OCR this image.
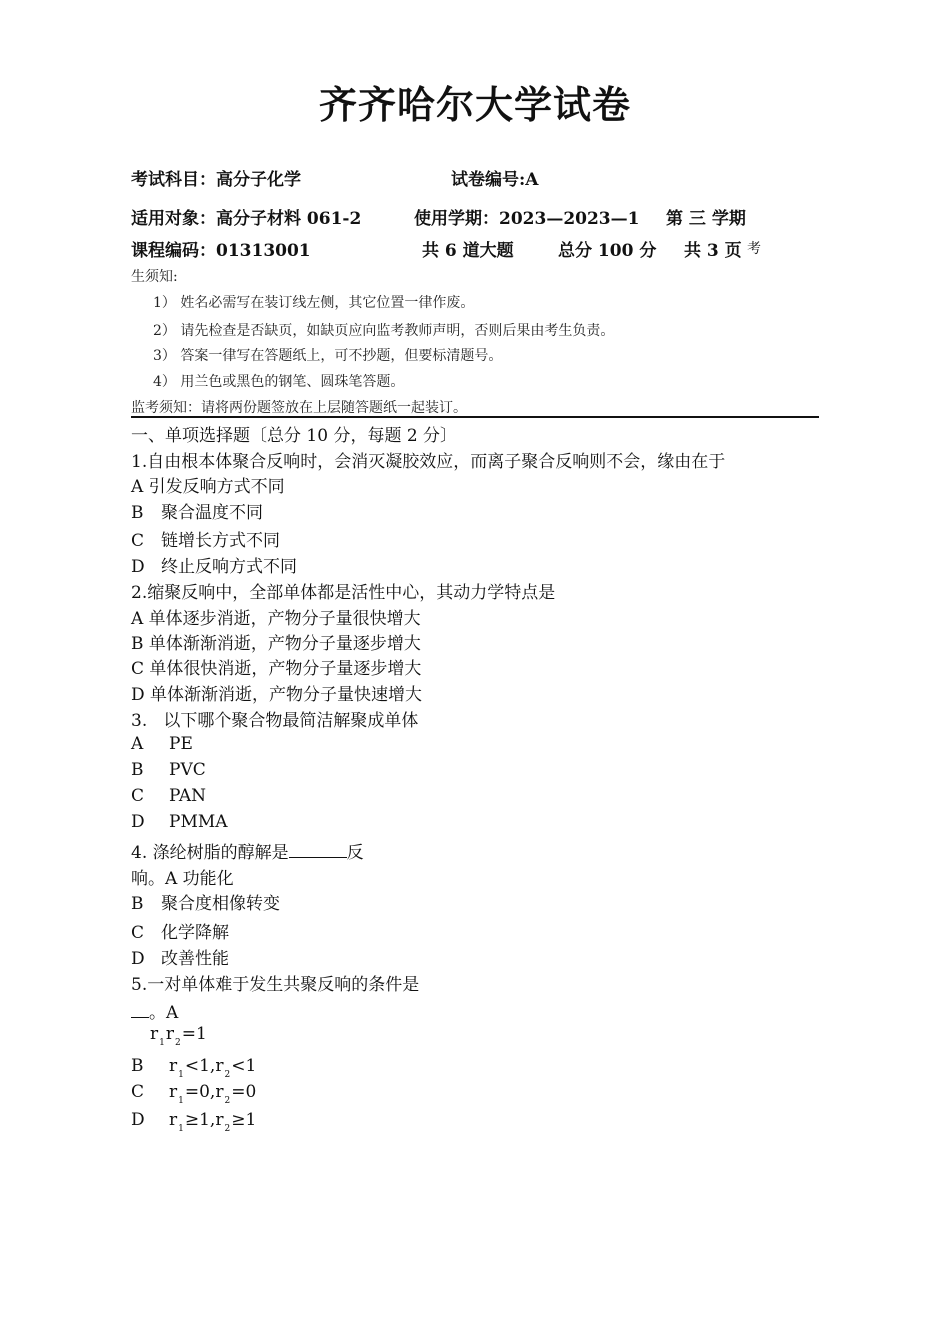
齐齐哈尔大学试卷
考试科目：高分子化学	试卷编号:A
适用对象：高分子材料 061-2	使用学期：2023—2023—1 第 三 学期
课程编码：01313001	共 6 道大题	总分 100 分 共 3 页 考
生须知:
1） 姓名必需写在装订线左侧，其它位置一律作废。
2） 请先检查是否缺页，如缺页应向监考教师声明，否则后果由考生负责。
3） 答案一律写在答题纸上，可不抄题，但要标清题号。
4） 用兰色或黑色的钢笔、圆珠笔答题。
监考须知：请将两份题签放在上层随答题纸一起装订。
一、单项选择题〔总分 10 分，每题 2 分〕
1.自由根本体聚合反响时，会消灭凝胶效应，而离子聚合反响则不会，缘由在于
A 引发反响方式不同
B 聚合温度不同
C 链增长方式不同
D 终止反响方式不同
2.缩聚反响中，全部单体都是活性中心，其动力学特点是
A 单体逐步消逝，产物分子量很快增大
B 单体渐渐消逝，产物分子量逐步增大
C 单体很快消逝，产物分子量逐步增大
D 单体渐渐消逝，产物分子量快速增大
3.   以下哪个聚合物最简洁解聚成单体
A PE
B PVC
C PAN
D PMMA
4. 涤纶树脂的醇解是	反
响。A 功能化
B 聚合度相像转变
C 化学降解
D 改善性能
5.一对单体难于发生共聚反响的条件是
。A
$r_1r_2=1$
B $r_1<1,r_2<1$
C $r_1=0,r_2=0$
D $r_1\ge 1,r_2\ge 1$
